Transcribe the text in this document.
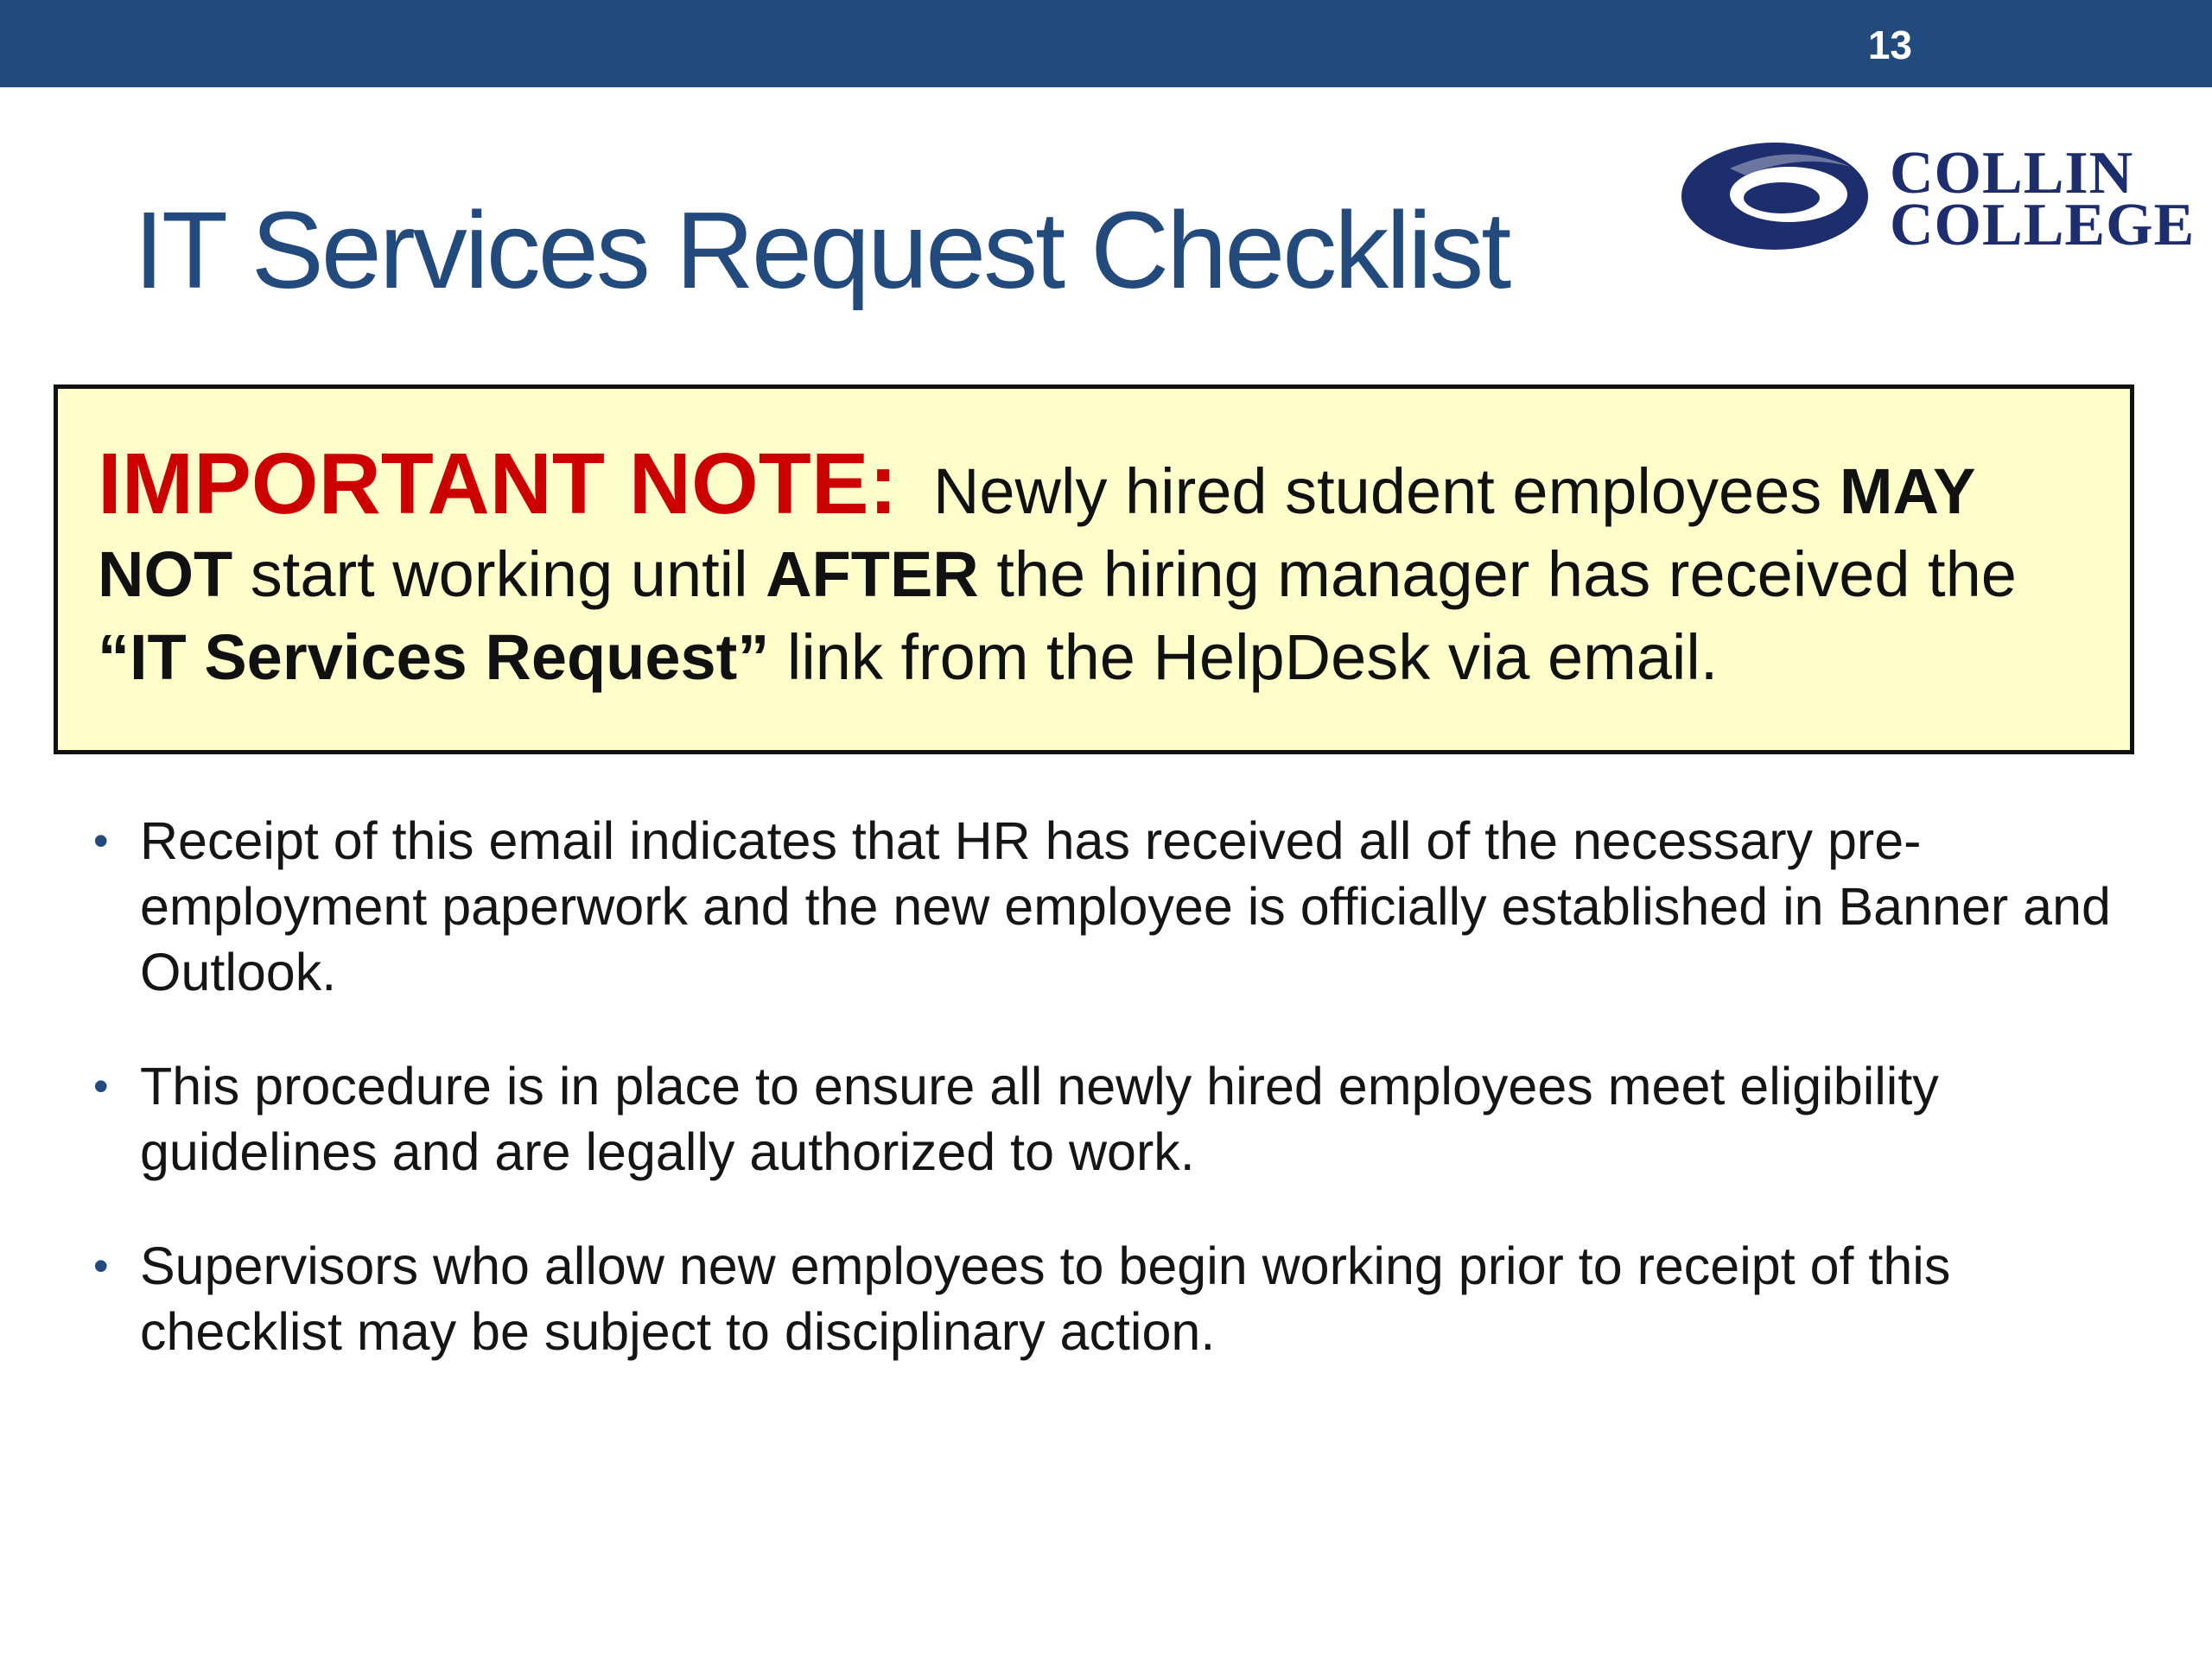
13
COLLIN
COLLEGE
IT Services Request Checklist
IMPORTANT NOTE:  Newly hired student employees MAY NOT start working until AFTER the hiring manager has received the “IT Services Request” link from the HelpDesk via email.
• Receipt of this email indicates that HR has received all of the necessary pre-employment paperwork and the new employee is officially established in Banner and Outlook.
• This procedure is in place to ensure all newly hired employees meet eligibility guidelines and are legally authorized to work.
• Supervisors who allow new employees to begin working prior to receipt of this checklist may be subject to disciplinary action.
